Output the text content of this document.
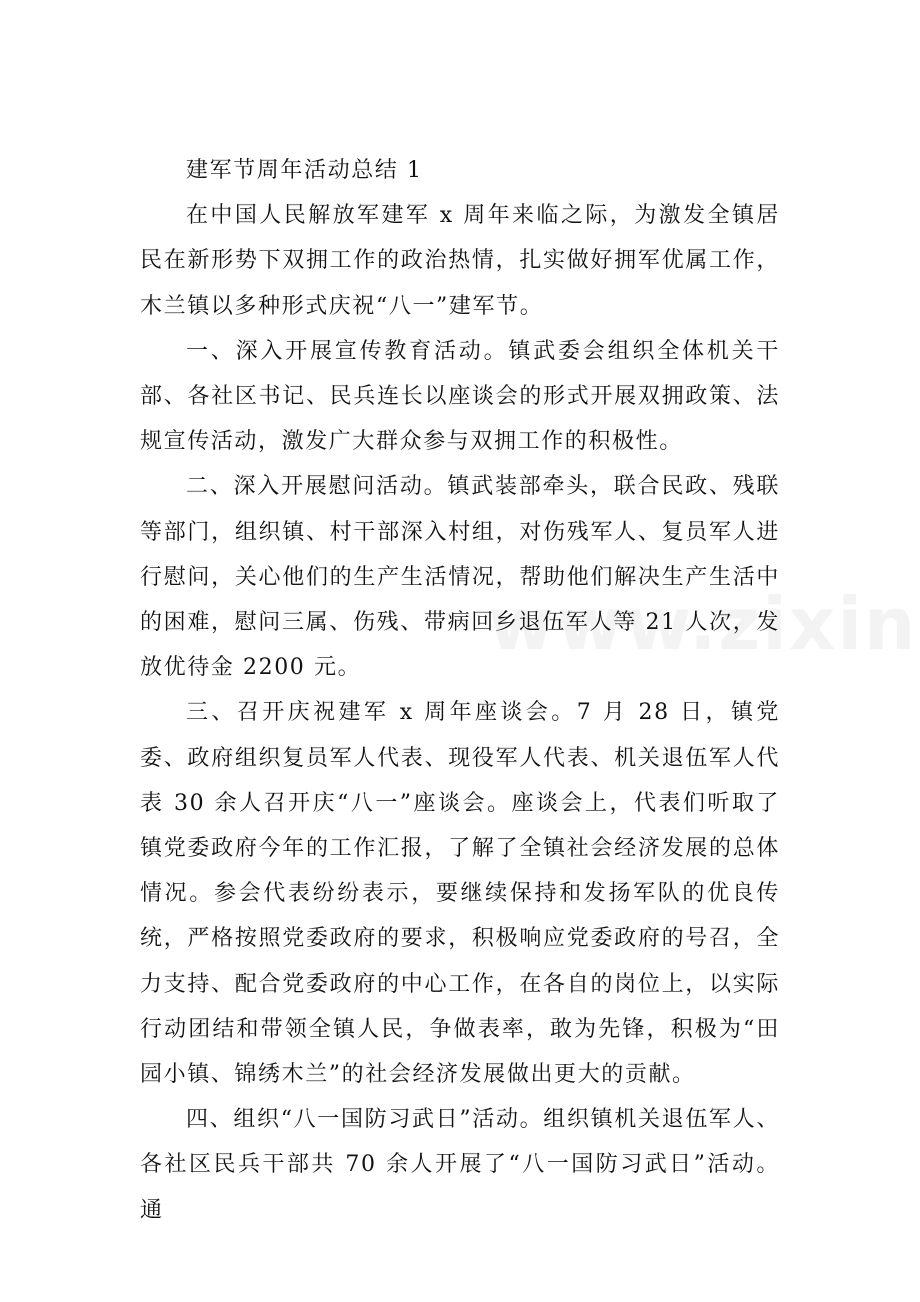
建军节周年活动总结 1

在中国人民解放军建军 x 周年来临之际，为激发全镇居民在新形势下双拥工作的政治热情，扎实做好拥军优属工作，木兰镇以多种形式庆祝“八一”建军节。

一、深入开展宣传教育活动。镇武委会组织全体机关干部、各社区书记、民兵连长以座谈会的形式开展双拥政策、法规宣传活动，激发广大群众参与双拥工作的积极性。

二、深入开展慰问活动。镇武装部牵头，联合民政、残联等部门，组织镇、村干部深入村组，对伤残军人、复员军人进行慰问，关心他们的生产生活情况，帮助他们解决生产生活中的困难，慰问三属、伤残、带病回乡退伍军人等 21 人次，发放优待金 2200 元。

三、召开庆祝建军 x 周年座谈会。7 月 28 日，镇党委、政府组织复员军人代表、现役军人代表、机关退伍军人代表 30 余人召开庆“八一”座谈会。座谈会上，代表们听取了镇党委政府今年的工作汇报，了解了全镇社会经济发展的总体情况。参会代表纷纷表示，要继续保持和发扬军队的优良传统，严格按照党委政府的要求，积极响应党委政府的号召，全力支持、配合党委政府的中心工作，在各自的岗位上，以实际行动团结和带领全镇人民，争做表率，敢为先锋，积极为“田园小镇、锦绣木兰”的社会经济发展做出更大的贡献。

四、组织“八一国防习武日”活动。组织镇机关退伍军人、各社区民兵干部共 70 余人开展了“八一国防习武日”活动。通
